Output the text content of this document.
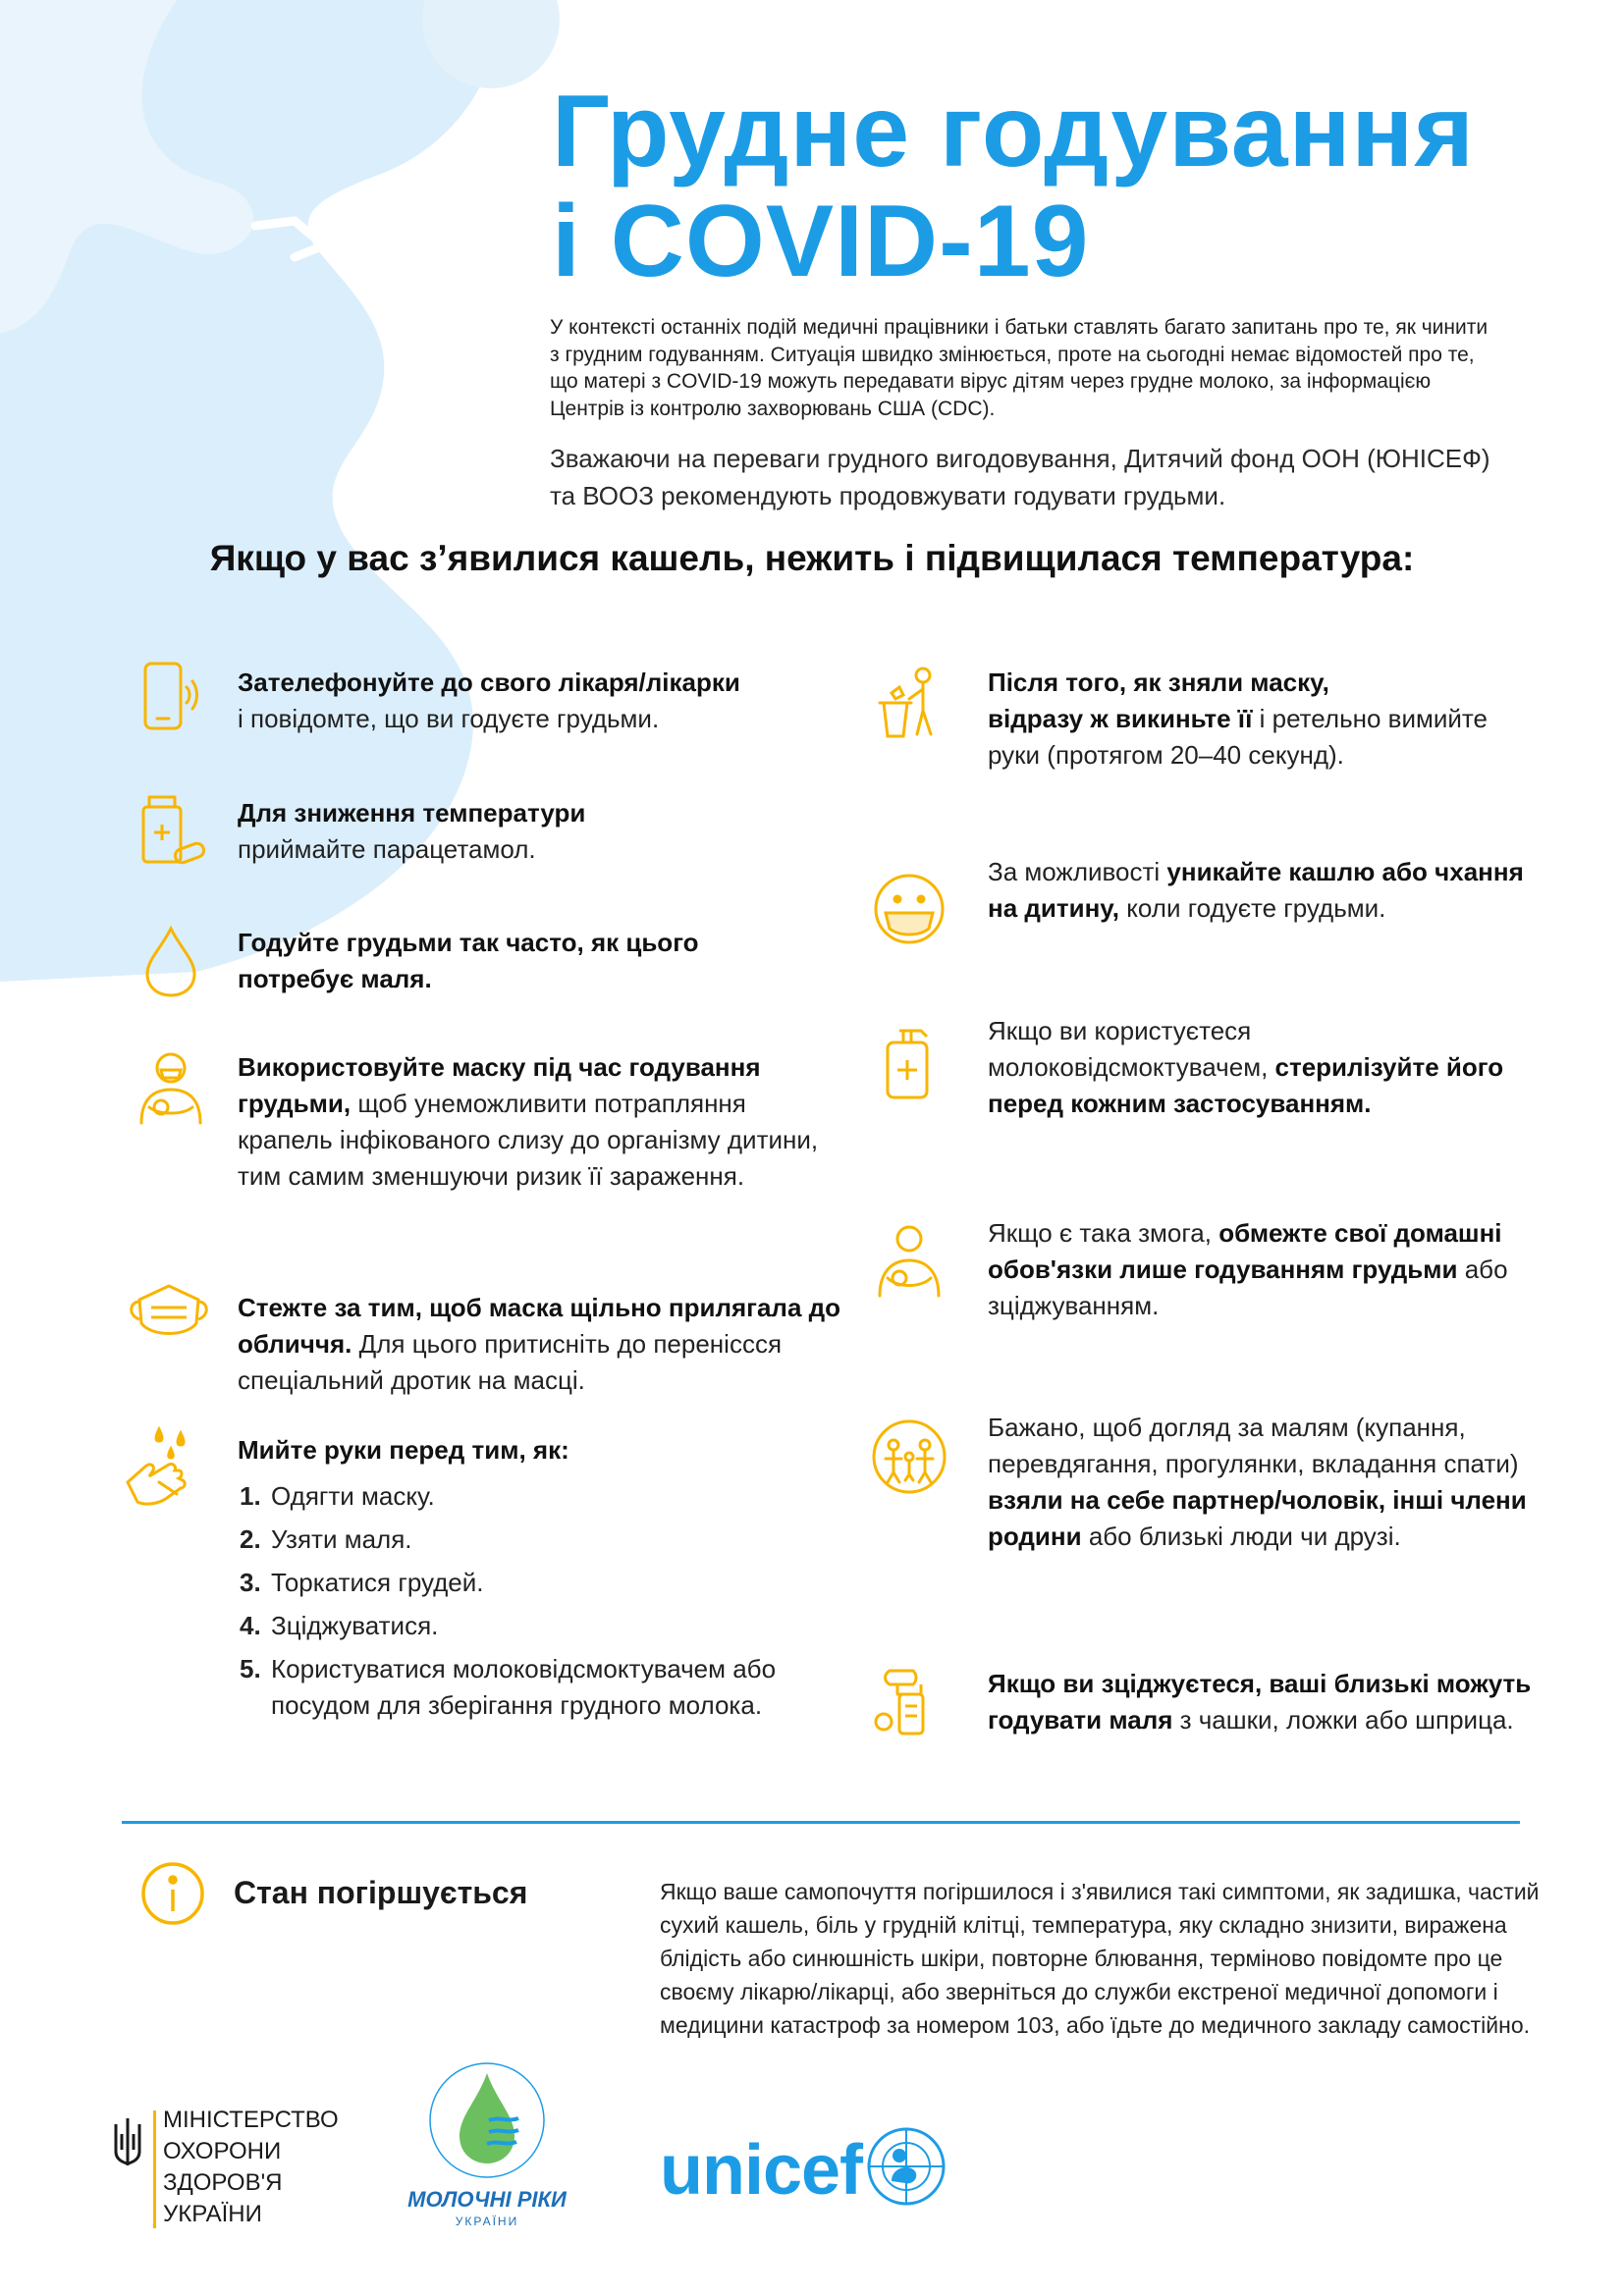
Грудне годування
і COVID-19

У контексті останніх подій медичні працівники і батьки ставлять багато запитань про те, як чинити з грудним годуванням. Ситуація швидко змінюється, проте на сьогодні немає відомостей про те, що матері з COVID-19 можуть передавати вірус дітям через грудне молоко, за інформацією Центрів із контролю захворювань США (CDC).

Зважаючи на переваги грудного вигодовування, Дитячий фонд ООН (ЮНІСЕФ) та ВООЗ рекомендують продовжувати годувати грудьми.

Якщо у вас з’явилися кашель, нежить і підвищилася температура:
Зателефонуйте до свого лікаря/лікарки
і повідомте, що ви годуєте грудьми.
Для зниження температури
приймайте парацетамол.
Годуйте грудьми так часто, як цього потребує маля.
Використовуйте маску під час годування грудьми, щоб унеможливити потрапляння крапель інфікованого слизу до організму дитини, тим самим зменшуючи ризик її зараження.
Стежте за тим, щоб маска щільно прилягала до обличчя. Для цього притисніть до переніссся спеціальний дротик на масці.
Мийте руки перед тим, як:
1. Одягти маску.
2. Узяти маля.
3. Торкатися грудей.
4. Зціджуватися.
5. Користуватися молоковідсмоктувачем або посудом для зберігання грудного молока.
Після того, як зняли маску,
відразу ж викиньте її і ретельно вимийте руки (протягом 20–40 секунд).
За можливості уникайте кашлю або чхання на дитину, коли годуєте грудьми.
Якщо ви користуєтеся молоковідсмоктувачем, стерилізуйте його перед кожним застосуванням.
Якщо є така змога, обмежте свої домашні обов'язки лише годуванням грудьми або зціджуванням.
Бажано, щоб догляд за малям (купання, перевдягання, прогулянки, вкладання спати) взяли на себе партнер/чоловік, інші члени родини або близькі люди чи друзі.
Якщо ви зціджуєтеся, ваші близькі можуть годувати маля з чашки, ложки або шприца.
Стан погіршується	Якщо ваше самопочуття погіршилося і з'явилися такі симптоми, як задишка, частий сухий кашель, біль у грудній клітці, температура, яку складно знизити, виражена блідість або синюшність шкіри, повторне блювання, терміново повідомте про це своєму лікарю/лікарці, або зверніться до служби екстреної медичної допомоги і медицини катастроф за номером 103, або їдьте до медичного закладу самостійно.

МІНІСТЕРСТВО
ОХОРОНИ
ЗДОРОВ'Я
УКРАЇНИ
МОЛОЧНІ РІКИ
УКРАЇНИ
unicef
